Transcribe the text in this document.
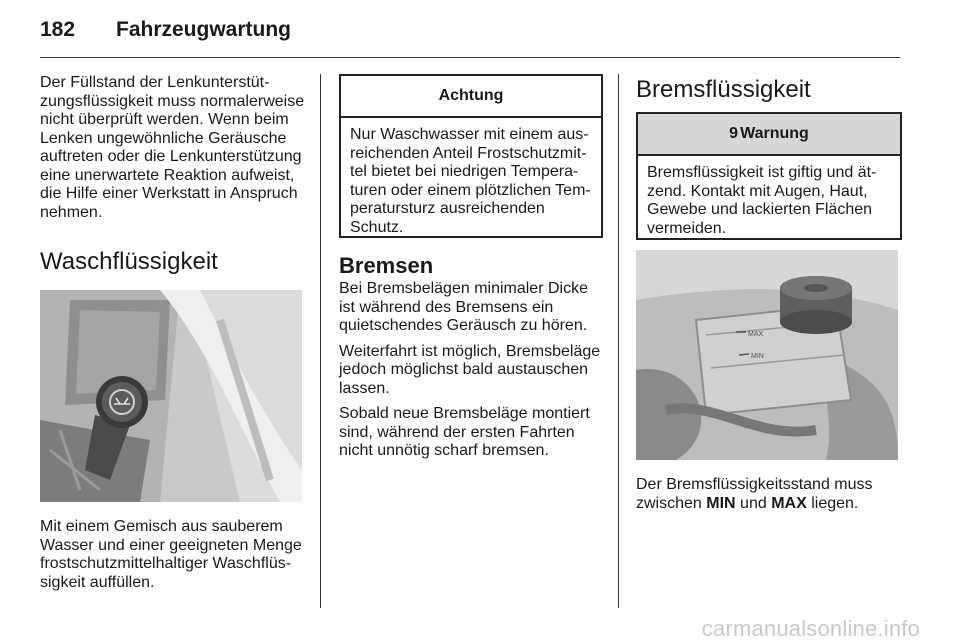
182	Fahrzeugwartung

Der Füllstand der Lenkunterstüt-zungsflüssigkeit muss normalerweise nicht überprüft werden. Wenn beim Lenken ungewöhnliche Geräusche auftreten oder die Lenkunterstützung eine unerwartete Reaktion aufweist, die Hilfe einer Werkstatt in Anspruch nehmen.

Waschflüssigkeit

Mit einem Gemisch aus sauberem Wasser und einer geeigneten Menge frostschutzmittelhaltiger Waschflüs-sigkeit auffüllen.

Achtung

Nur Waschwasser mit einem aus-reichenden Anteil Frostschutzmit-tel bietet bei niedrigen Tempera-turen oder einem plötzlichen Tem-peratursturz ausreichenden Schutz.

Bremsen

Bei Bremsbelägen minimaler Dicke ist während des Bremsens ein quietschendes Geräusch zu hören.

Weiterfahrt ist möglich, Bremsbeläge jedoch möglichst bald austauschen lassen.

Sobald neue Bremsbeläge montiert sind, während der ersten Fahrten nicht unnötig scharf bremsen.

Bremsflüssigkeit
9 Warnung

Bremsflüssigkeit ist giftig und ät-zend. Kontakt mit Augen, Haut, Gewebe und lackierten Flächen vermeiden.

MAX
MIN

Der Bremsflüssigkeitsstand muss zwischen MIN und MAX liegen.

carmanualsonline.info
